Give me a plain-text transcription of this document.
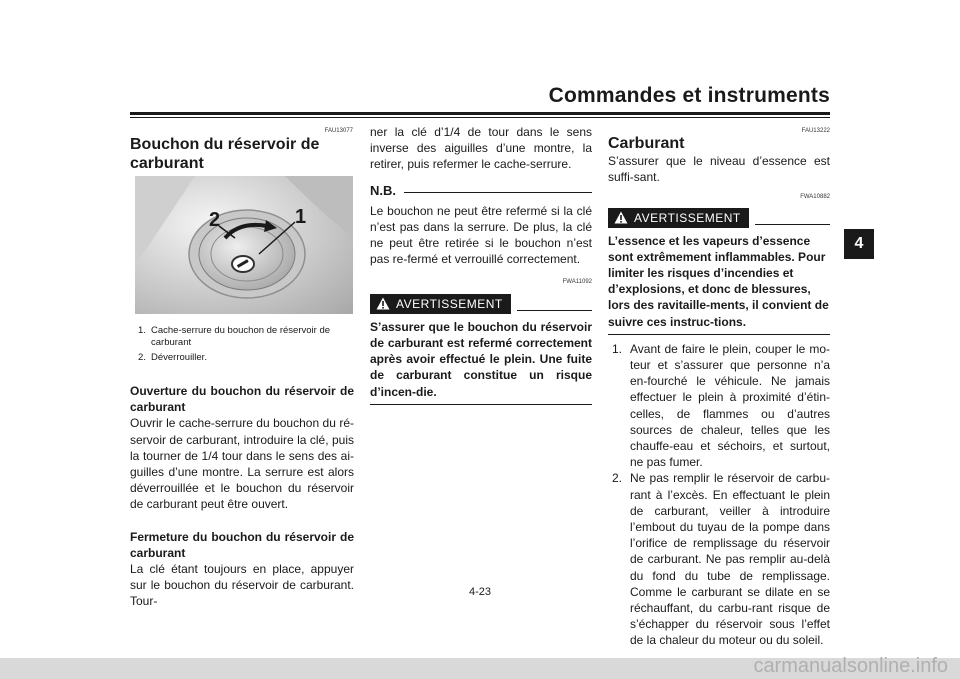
Commandes et instruments
4
FAU13077
Bouchon du réservoir de carburant
1
2
1. Cache-serrure du bouchon de réservoir de carburant
2. Déverrouiller.

Ouverture du bouchon du réservoir de carburant

Ouvrir le cache-serrure du bouchon du ré-servoir de carburant, introduire la clé, puis la tourner de 1/4 tour dans le sens des ai-guilles d’une montre. La serrure est alors déverrouillée et le bouchon du réservoir de carburant peut être ouvert.

Fermeture du bouchon du réservoir de carburant

La clé étant toujours en place, appuyer sur le bouchon du réservoir de carburant. Tour-

ner la clé d’1/4 de tour dans le sens inverse des aiguilles d’une montre, la retirer, puis refermer le cache-serrure.

N.B.

Le bouchon ne peut être refermé si la clé n’est pas dans la serrure. De plus, la clé ne peut être retirée si le bouchon n’est pas re-fermé et verrouillé correctement.

FWA11092
AVERTISSEMENT

S’assurer que le bouchon du réservoir de carburant est refermé correctement après avoir effectué le plein. Une fuite de carburant constitue un risque d’incen-die.

FAU13222
Carburant

S’assurer que le niveau d’essence est suffi-sant.

FWA10882
AVERTISSEMENT

L’essence et les vapeurs d’essence sont extrêmement inflammables. Pour limiter les risques d’incendies et d’explosions, et donc de blessures, lors des ravitaille-ments, il convient de suivre ces instruc-tions.

1. Avant de faire le plein, couper le mo-teur et s’assurer que personne n’a en-fourché le véhicule. Ne jamais effectuer le plein à proximité d’étin-celles, de flammes ou d’autres sources de chaleur, telles que les chauffe-eau et séchoirs, et surtout, ne pas fumer.
2. Ne pas remplir le réservoir de carbu-rant à l’excès. En effectuant le plein de carburant, veiller à introduire l’embout du tuyau de la pompe dans l’orifice de remplissage du réservoir de carburant. Ne pas remplir au-delà du fond du tube de remplissage. Comme le carburant se dilate en se réchauffant, du carbu-rant risque de s’échapper du réservoir sous l’effet de la chaleur du moteur ou du soleil.
4-23
carmanualsonline.info
